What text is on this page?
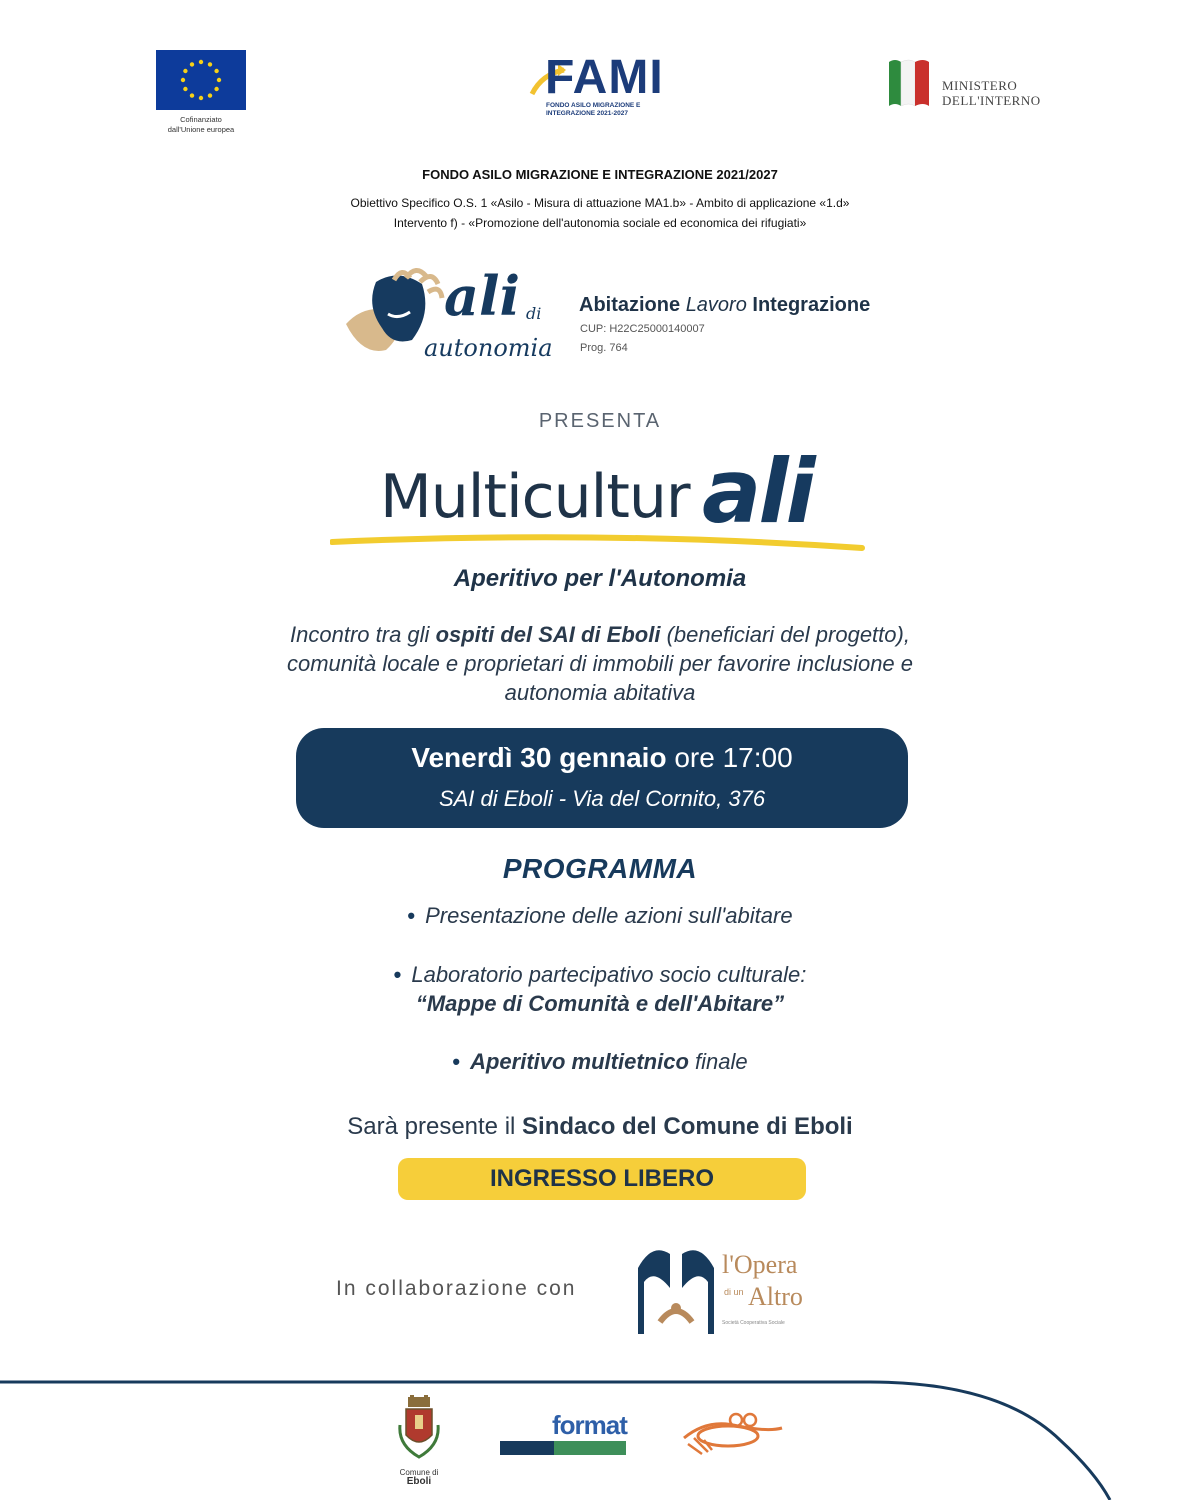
Cofinanziato
dall'Unione europea
FAMI
FONDO ASILO MIGRAZIONE E
INTEGRAZIONE 2021-2027
MINISTERO
DELL'INTERNO
FONDO ASILO MIGRAZIONE E INTEGRAZIONE 2021/2027
Obiettivo Specifico O.S. 1 «Asilo - Misura di attuazione MA1.b» - Ambito di applicazione «1.d»
Intervento f) - «Promozione dell'autonomia sociale ed economica dei rifugiati»
ali di
autonomia
Abitazione Lavoro Integrazione
CUP: H22C25000140007
Prog. 764
PRESENTA
Multicultur ali
Aperitivo per l'Autonomia
Incontro tra gli ospiti del SAI di Eboli (beneficiari del progetto),
comunità locale e proprietari di immobili per favorire inclusione e
autonomia abitativa
Venerdì 30 gennaio ore 17:00
SAI di Eboli - Via del Cornito, 376
PROGRAMMA
• Presentazione delle azioni sull'abitare
• Laboratorio partecipativo socio culturale:
“Mappe di Comunità e dell'Abitare”
• Aperitivo multietnico finale
Sarà presente il Sindaco del Comune di Eboli
INGRESSO LIBERO
In collaborazione con
l'Opera
di un Altro
Società Cooperativa Sociale
Comune di
Eboli
format
